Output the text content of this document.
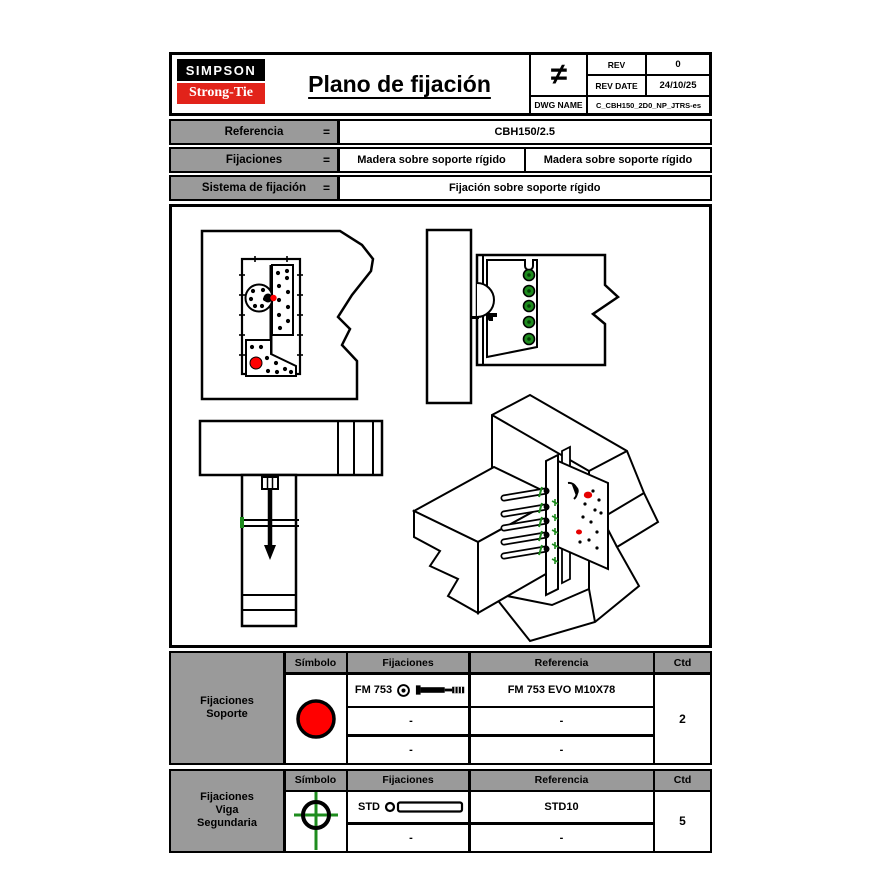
SIMPSON
Strong-Tie	Plano de fijación	≠	REV	0
REV DATE	24/10/25
DWG NAME	C_CBH150_2D0_NP_JTRS-es
Referencia	=	CBH150/2.5
Fijaciones	=	Madera sobre soporte rígido	Madera sobre soporte rígido
Sistema de fijación =	Fijación sobre soporte rígido
Fijaciones
Soporte
Símbolo	Fijaciones	Referencia	Ctd
FM 753	FM 753 EVO M10X78
2
-	-
-	-
Fijaciones
Viga
Segundaria
Símbolo	Fijaciones	Referencia	Ctd
STD	STD10
5
-	-
